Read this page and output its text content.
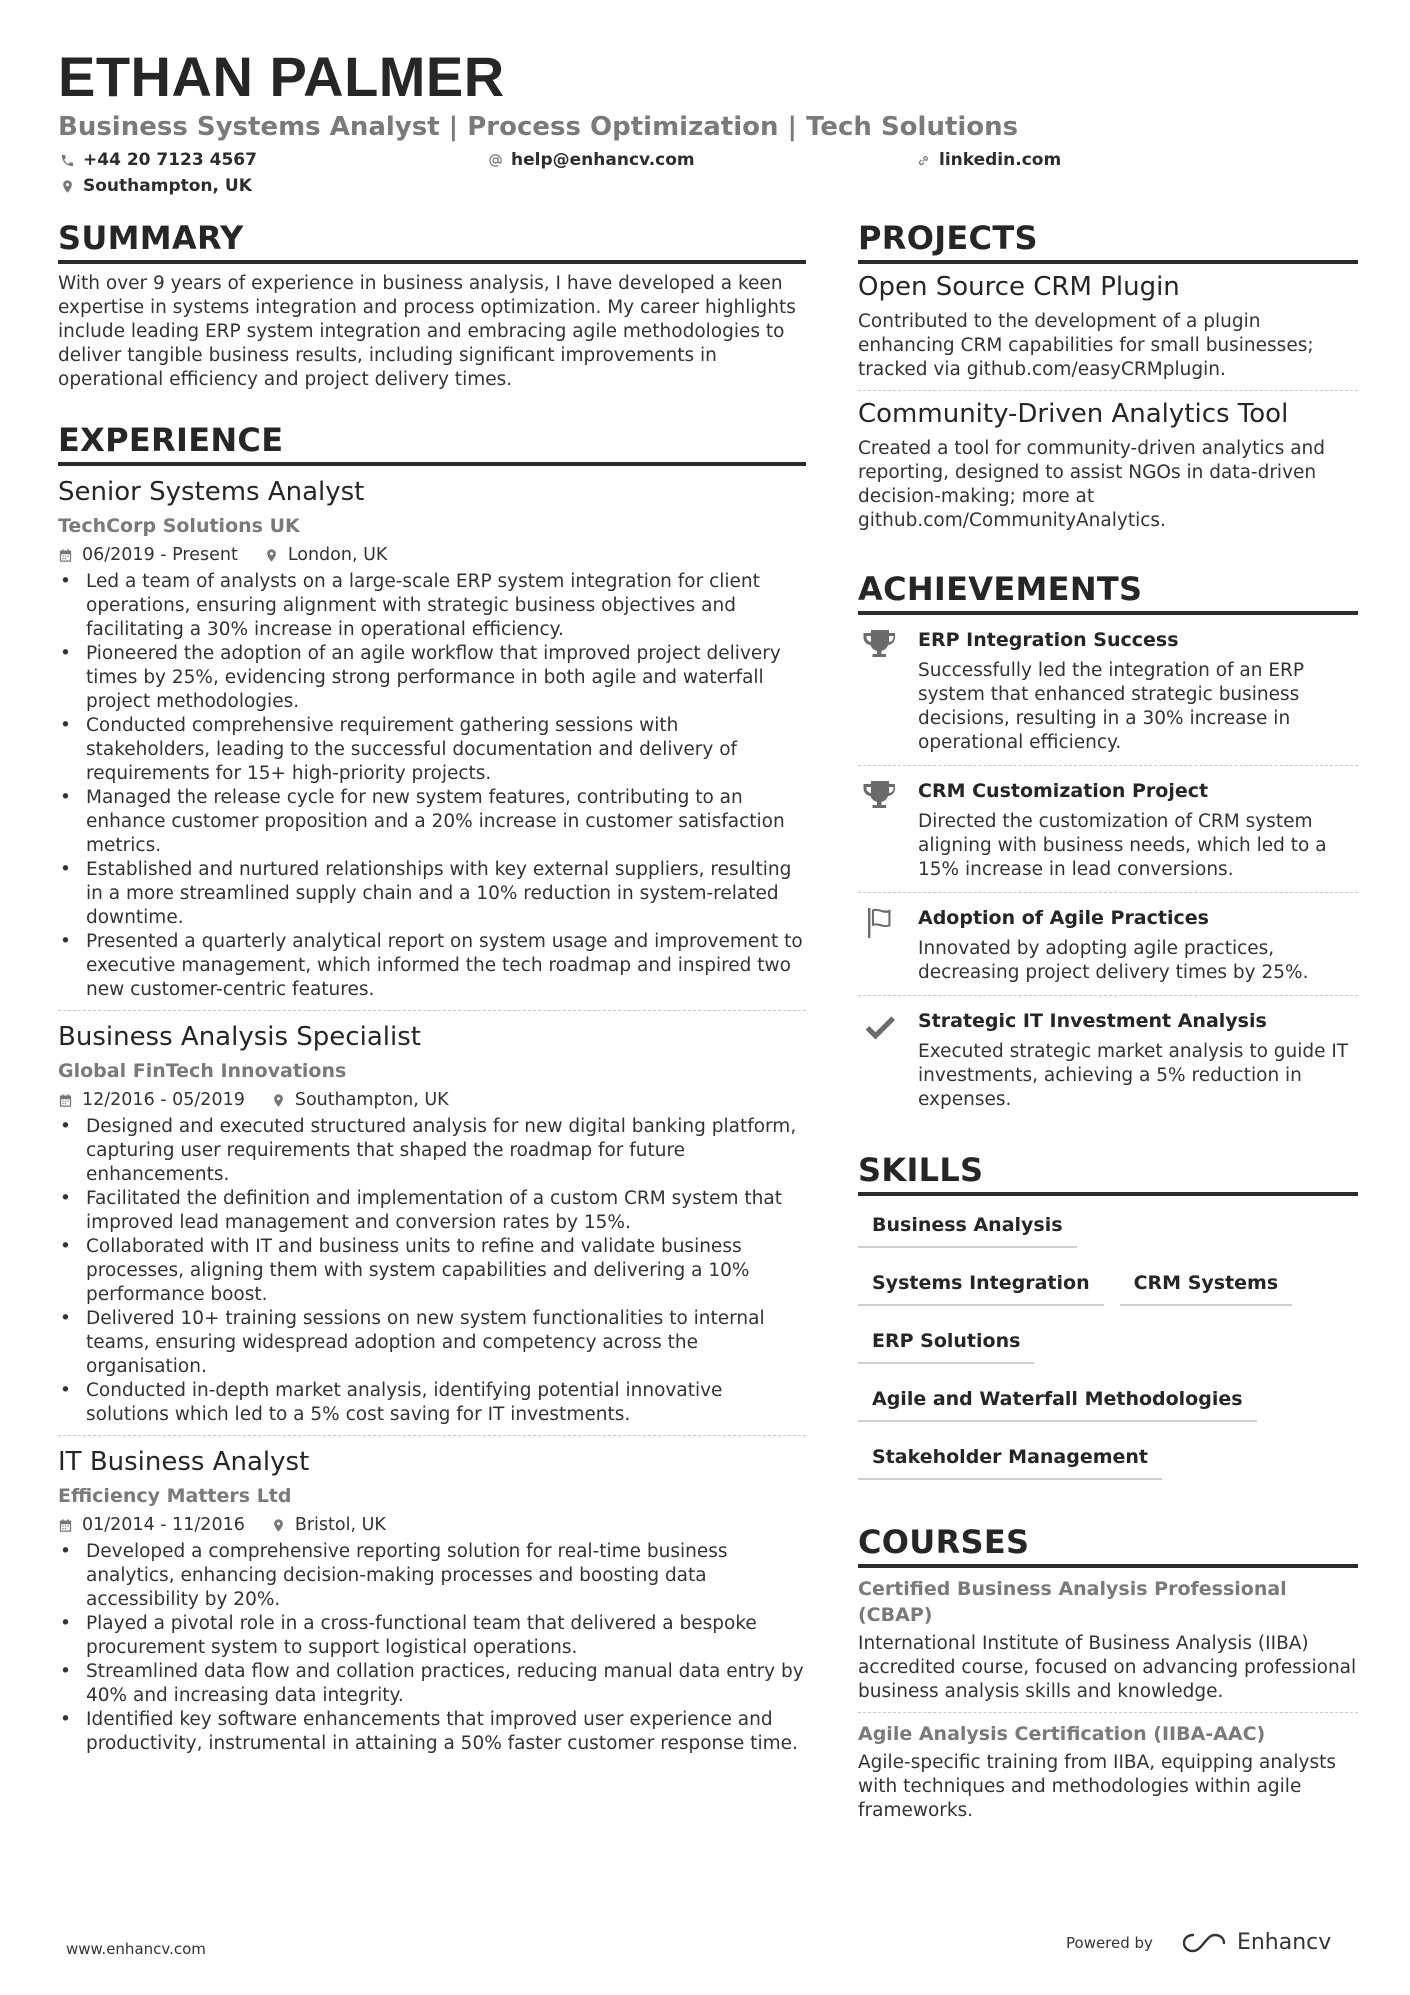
ETHAN PALMER
Business Systems Analyst | Process Optimization | Tech Solutions
+44 20 7123 4567	help@enhancv.com	linkedin.com
Southampton, UK
SUMMARY
With over 9 years of experience in business analysis, I have developed a keen expertise in systems integration and process optimization. My career highlights include leading ERP system integration and embracing agile methodologies to deliver tangible business results, including significant improvements in operational efficiency and project delivery times.
EXPERIENCE
Senior Systems Analyst
TechCorp Solutions UK
06/2019 - Present	London, UK
• Led a team of analysts on a large-scale ERP system integration for client operations, ensuring alignment with strategic business objectives and facilitating a 30% increase in operational efficiency.
• Pioneered the adoption of an agile workflow that improved project delivery times by 25%, evidencing strong performance in both agile and waterfall project methodologies.
• Conducted comprehensive requirement gathering sessions with stakeholders, leading to the successful documentation and delivery of requirements for 15+ high-priority projects.
• Managed the release cycle for new system features, contributing to an enhance customer proposition and a 20% increase in customer satisfaction metrics.
• Established and nurtured relationships with key external suppliers, resulting in a more streamlined supply chain and a 10% reduction in system-related downtime.
• Presented a quarterly analytical report on system usage and improvement to executive management, which informed the tech roadmap and inspired two new customer-centric features.
Business Analysis Specialist
Global FinTech Innovations
12/2016 - 05/2019	Southampton, UK
• Designed and executed structured analysis for new digital banking platform, capturing user requirements that shaped the roadmap for future enhancements.
• Facilitated the definition and implementation of a custom CRM system that improved lead management and conversion rates by 15%.
• Collaborated with IT and business units to refine and validate business processes, aligning them with system capabilities and delivering a 10% performance boost.
• Delivered 10+ training sessions on new system functionalities to internal teams, ensuring widespread adoption and competency across the organisation.
• Conducted in-depth market analysis, identifying potential innovative solutions which led to a 5% cost saving for IT investments.
IT Business Analyst
Efficiency Matters Ltd
01/2014 - 11/2016	Bristol, UK
• Developed a comprehensive reporting solution for real-time business analytics, enhancing decision-making processes and boosting data accessibility by 20%.
• Played a pivotal role in a cross-functional team that delivered a bespoke procurement system to support logistical operations.
• Streamlined data flow and collation practices, reducing manual data entry by 40% and increasing data integrity.
• Identified key software enhancements that improved user experience and productivity, instrumental in attaining a 50% faster customer response time.
PROJECTS
Open Source CRM Plugin
Contributed to the development of a plugin enhancing CRM capabilities for small businesses; tracked via github.com/easyCRMplugin.
Community-Driven Analytics Tool
Created a tool for community-driven analytics and reporting, designed to assist NGOs in data-driven decision-making; more at github.com/CommunityAnalytics.
ACHIEVEMENTS
ERP Integration Success
Successfully led the integration of an ERP system that enhanced strategic business decisions, resulting in a 30% increase in operational efficiency.
CRM Customization Project
Directed the customization of CRM system aligning with business needs, which led to a 15% increase in lead conversions.
Adoption of Agile Practices
Innovated by adopting agile practices, decreasing project delivery times by 25%.
Strategic IT Investment Analysis
Executed strategic market analysis to guide IT investments, achieving a 5% reduction in expenses.
SKILLS
Business Analysis
Systems Integration	CRM Systems
ERP Solutions
Agile and Waterfall Methodologies
Stakeholder Management
COURSES
Certified Business Analysis Professional (CBAP)
International Institute of Business Analysis (IIBA) accredited course, focused on advancing professional business analysis skills and knowledge.
Agile Analysis Certification (IIBA-AAC)
Agile-specific training from IIBA, equipping analysts with techniques and methodologies within agile frameworks.
www.enhancv.com	Powered by	Enhancv
